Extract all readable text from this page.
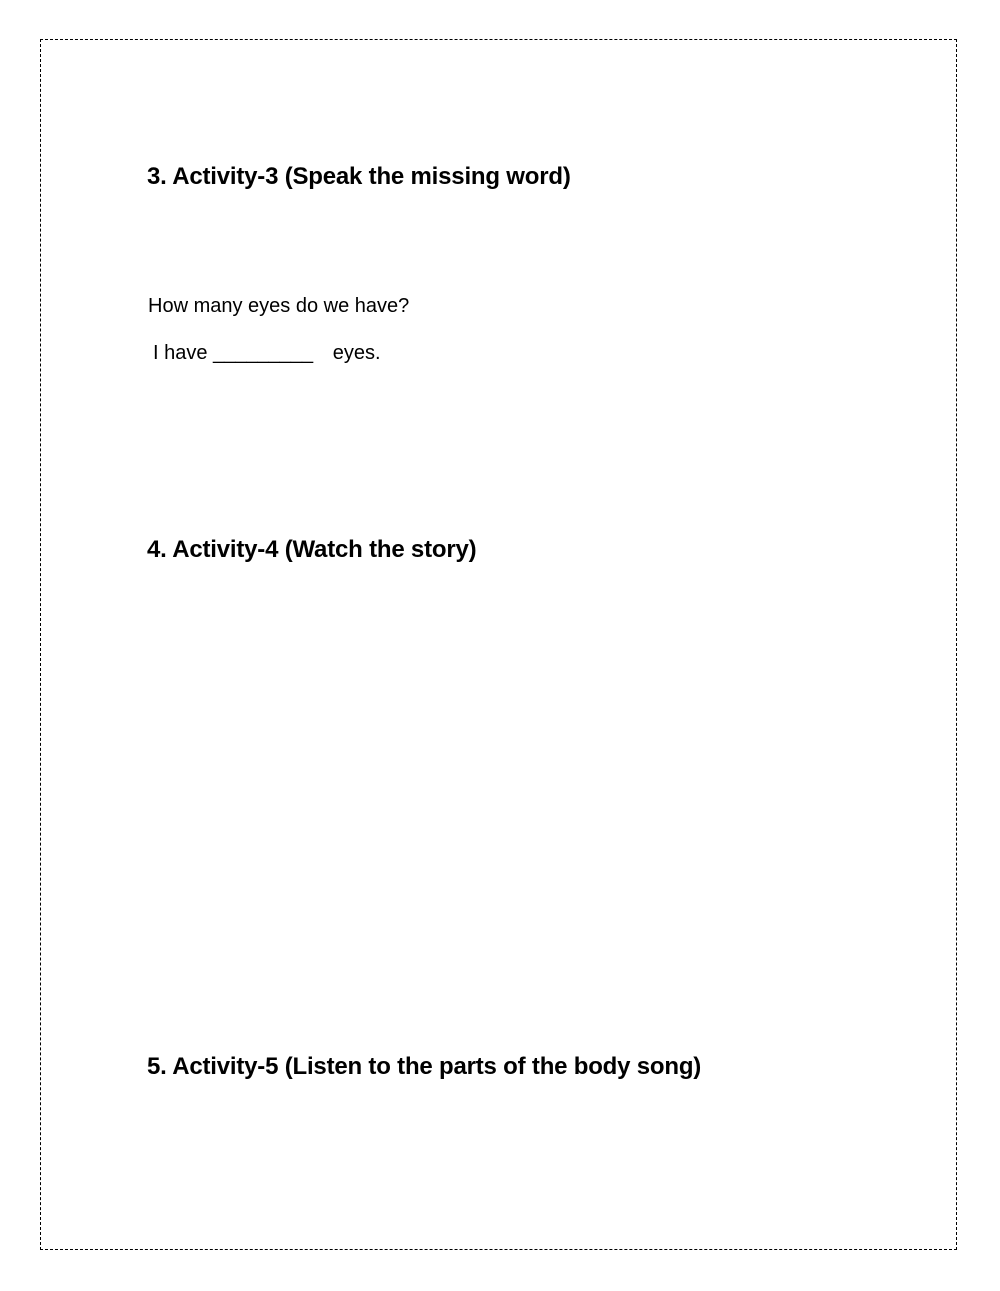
3. Activity-3 (Speak the missing word)

How many eyes do we have?

I have _________ eyes.

4. Activity-4 (Watch the story)
5. Activity-5 (Listen to the parts of the body song)
